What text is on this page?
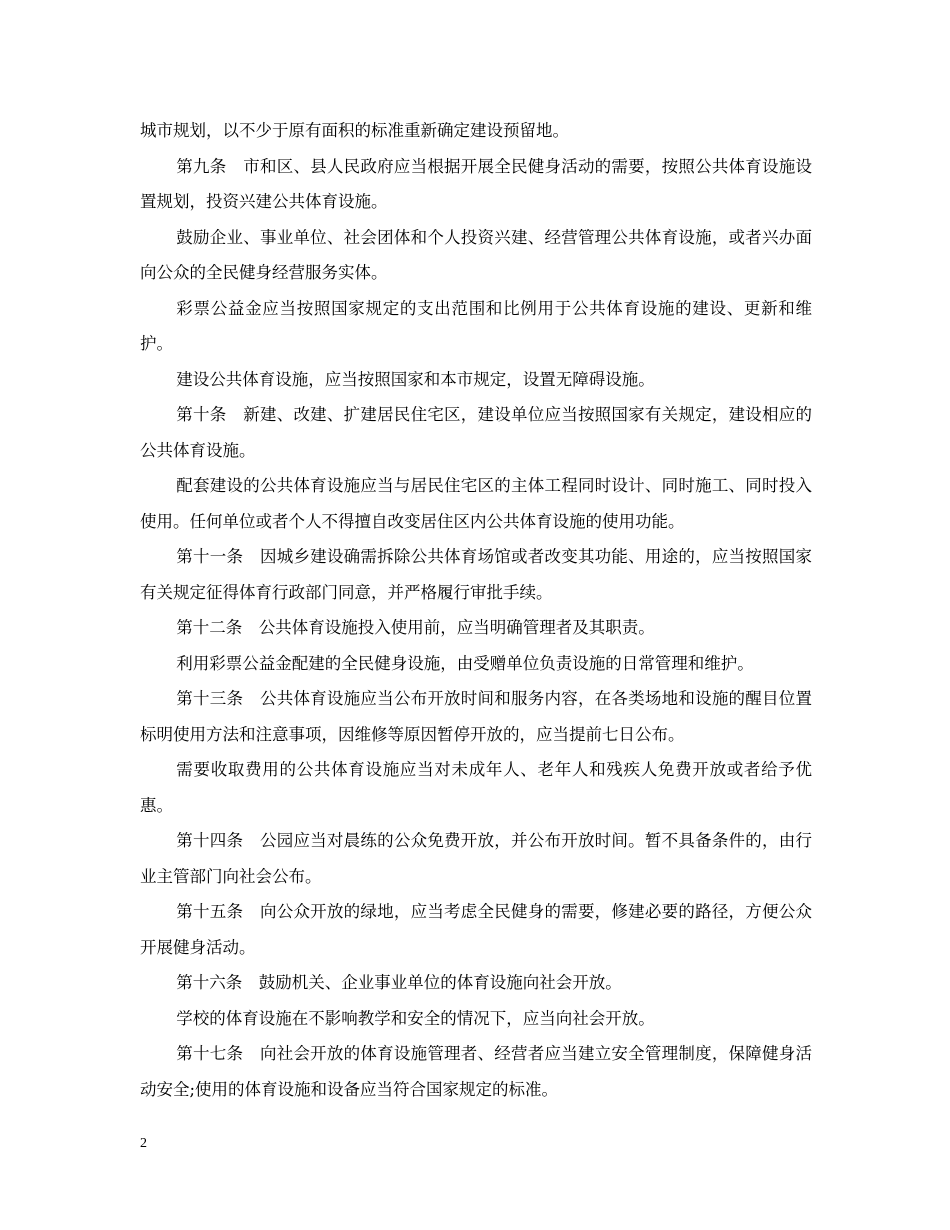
城市规划，以不少于原有面积的标准重新确定建设预留地。

第九条　市和区、县人民政府应当根据开展全民健身活动的需要，按照公共体育设施设置规划，投资兴建公共体育设施。

鼓励企业、事业单位、社会团体和个人投资兴建、经营管理公共体育设施，或者兴办面向公众的全民健身经营服务实体。

彩票公益金应当按照国家规定的支出范围和比例用于公共体育设施的建设、更新和维护。

建设公共体育设施，应当按照国家和本市规定，设置无障碍设施。

第十条　新建、改建、扩建居民住宅区，建设单位应当按照国家有关规定，建设相应的公共体育设施。

配套建设的公共体育设施应当与居民住宅区的主体工程同时设计、同时施工、同时投入使用。任何单位或者个人不得擅自改变居住区内公共体育设施的使用功能。

第十一条　因城乡建设确需拆除公共体育场馆或者改变其功能、用途的，应当按照国家有关规定征得体育行政部门同意，并严格履行审批手续。

第十二条　公共体育设施投入使用前，应当明确管理者及其职责。

利用彩票公益金配建的全民健身设施，由受赠单位负责设施的日常管理和维护。

第十三条　公共体育设施应当公布开放时间和服务内容，在各类场地和设施的醒目位置标明使用方法和注意事项，因维修等原因暂停开放的，应当提前七日公布。

需要收取费用的公共体育设施应当对未成年人、老年人和残疾人免费开放或者给予优惠。

第十四条　公园应当对晨练的公众免费开放，并公布开放时间。暂不具备条件的，由行业主管部门向社会公布。

第十五条　向公众开放的绿地，应当考虑全民健身的需要，修建必要的路径，方便公众开展健身活动。

第十六条　鼓励机关、企业事业单位的体育设施向社会开放。

学校的体育设施在不影响教学和安全的情况下，应当向社会开放。

第十七条　向社会开放的体育设施管理者、经营者应当建立安全管理制度，保障健身活动安全;使用的体育设施和设备应当符合国家规定的标准。

2
